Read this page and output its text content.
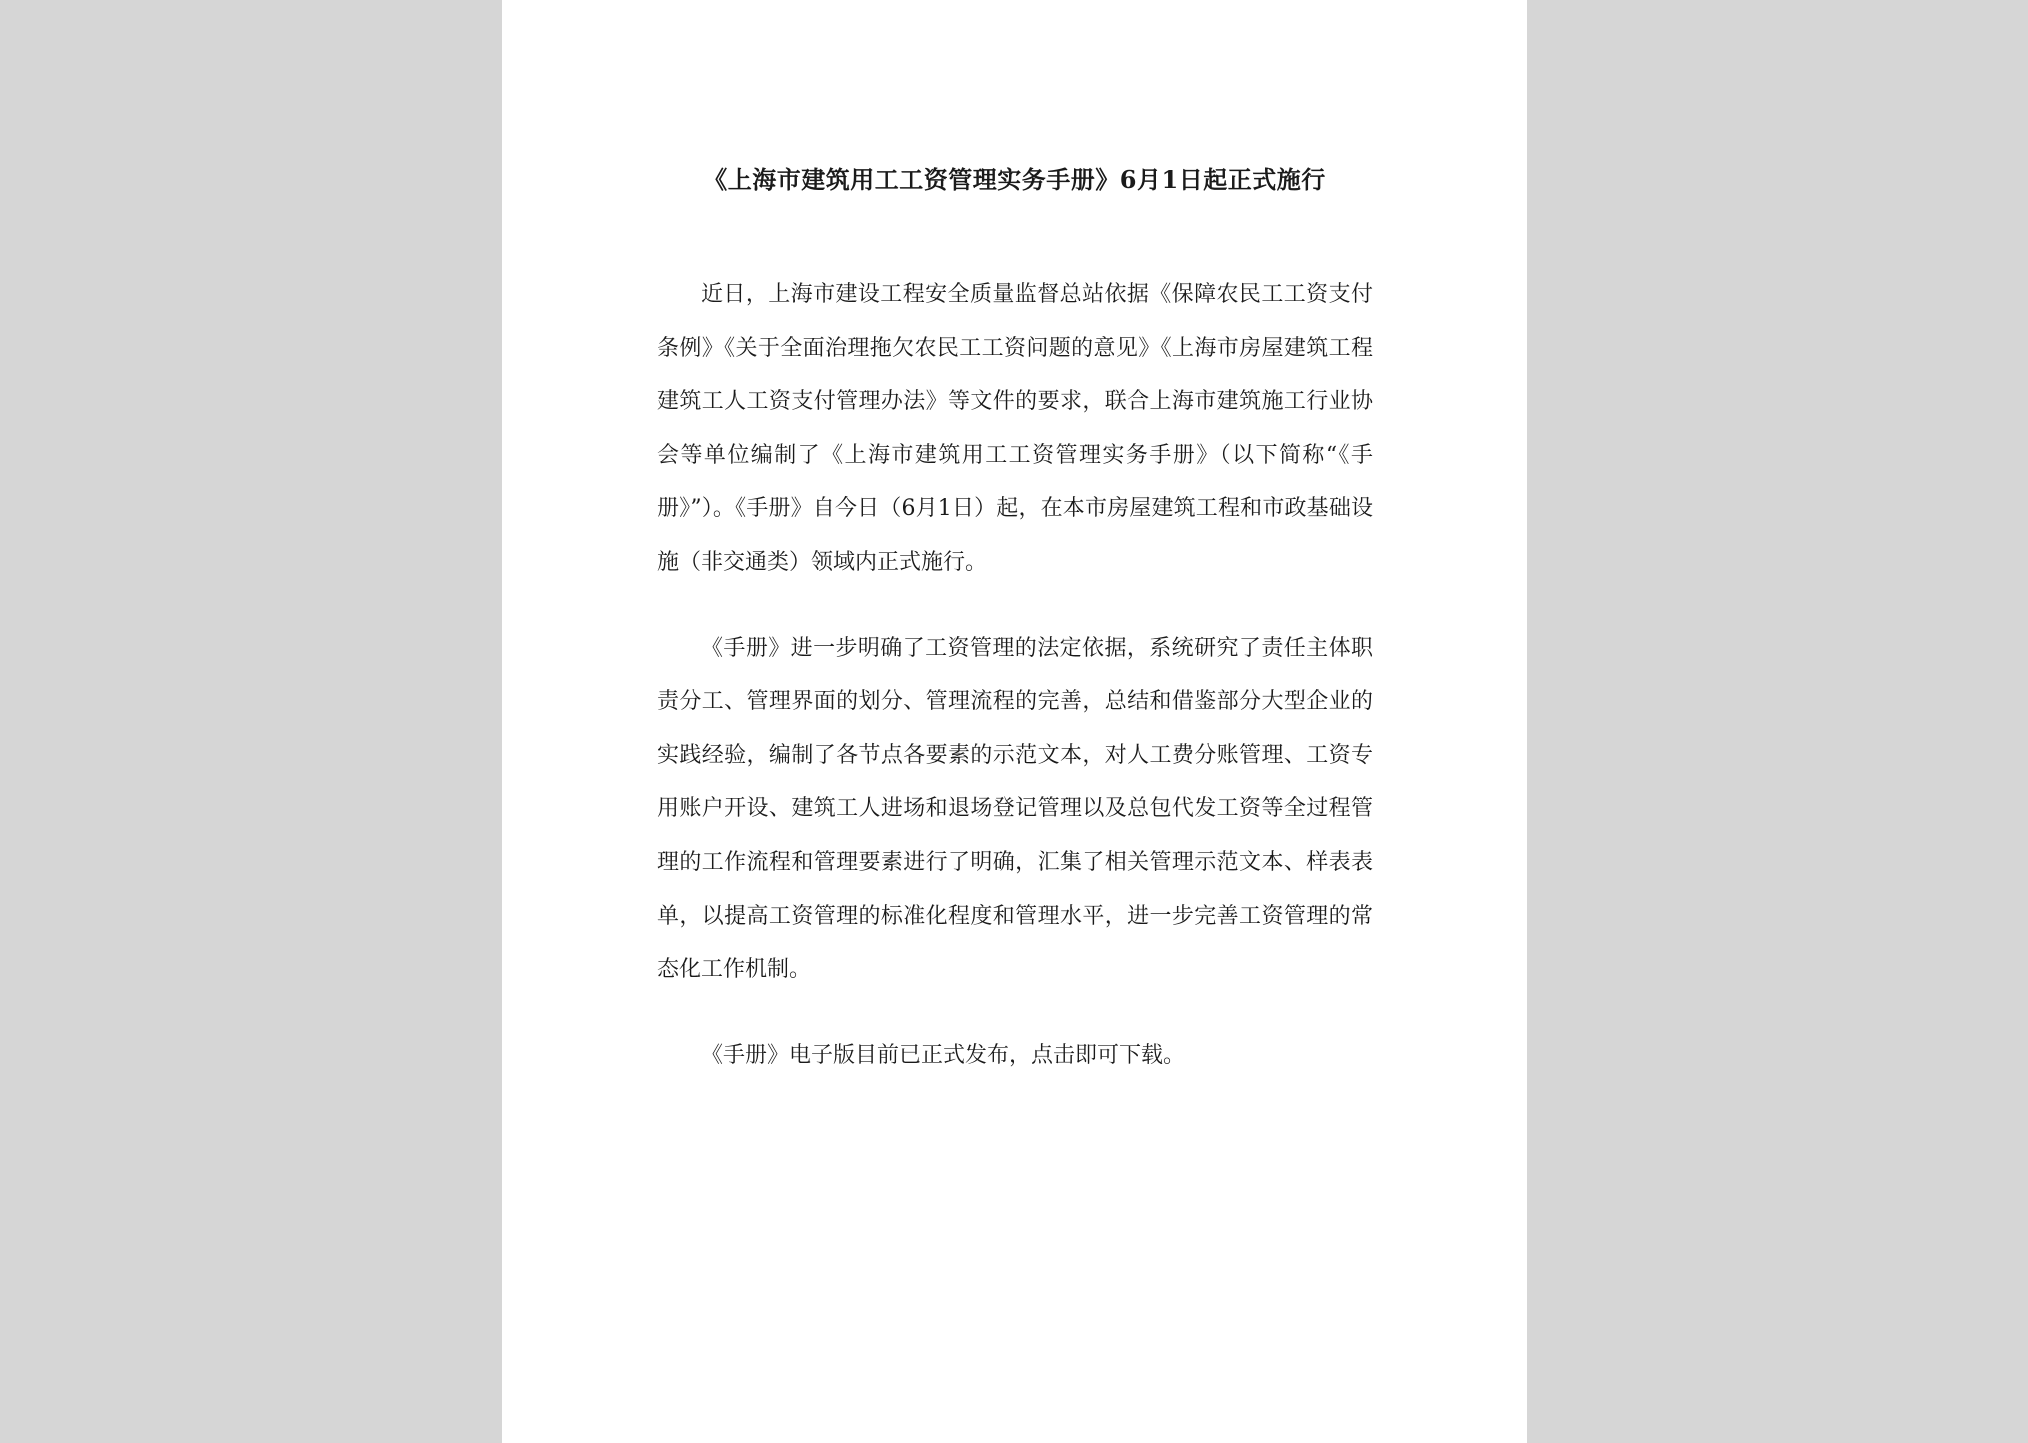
《上海市建筑用工工资管理实务手册》6月1日起正式施行

近日，上海市建设工程安全质量监督总站依据《保障农民工工资支付条例》《关于全面治理拖欠农民工工资问题的意见》《上海市房屋建筑工程建筑工人工资支付管理办法》等文件的要求，联合上海市建筑施工行业协会等单位编制了《上海市建筑用工工资管理实务手册》（以下简称“《手册》”）。《手册》自今日（6月1日）起，在本市房屋建筑工程和市政基础设施（非交通类）领域内正式施行。

《手册》进一步明确了工资管理的法定依据，系统研究了责任主体职责分工、管理界面的划分、管理流程的完善，总结和借鉴部分大型企业的实践经验，编制了各节点各要素的示范文本，对人工费分账管理、工资专用账户开设、建筑工人进场和退场登记管理以及总包代发工资等全过程管理的工作流程和管理要素进行了明确，汇集了相关管理示范文本、样表表单，以提高工资管理的标准化程度和管理水平，进一步完善工资管理的常态化工作机制。

《手册》电子版目前已正式发布，点击即可下载。
